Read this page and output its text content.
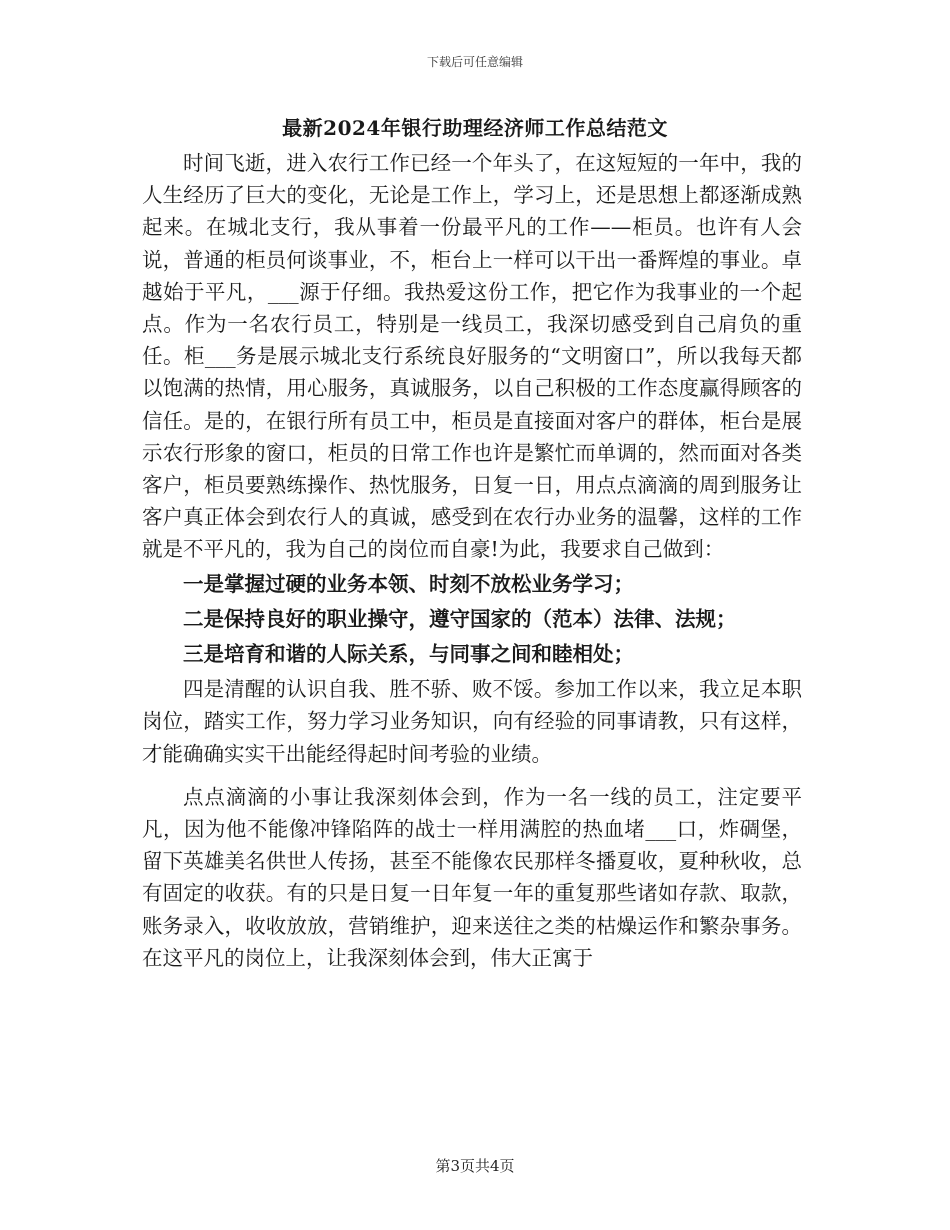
下载后可任意编辑
最新2024年银行助理经济师工作总结范文

时间飞逝，进入农行工作已经一个年头了，在这短短的一年中，我的人生经历了巨大的变化，无论是工作上，学习上，还是思想上都逐渐成熟起来。在城北支行，我从事着一份最平凡的工作——柜员。也许有人会说，普通的柜员何谈事业，不，柜台上一样可以干出一番辉煌的事业。卓越始于平凡，___源于仔细。我热爱这份工作，把它作为我事业的一个起点。作为一名农行员工，特别是一线员工，我深切感受到自己肩负的重任。柜___务是展示城北支行系统良好服务的“文明窗口”，所以我每天都以饱满的热情，用心服务，真诚服务，以自己积极的工作态度赢得顾客的信任。是的，在银行所有员工中，柜员是直接面对客户的群体，柜台是展示农行形象的窗口，柜员的日常工作也许是繁忙而单调的，然而面对各类客户，柜员要熟练操作、热忱服务，日复一日，用点点滴滴的周到服务让客户真正体会到农行人的真诚，感受到在农行办业务的温馨，这样的工作就是不平凡的，我为自己的岗位而自豪!为此，我要求自己做到：

一是掌握过硬的业务本领、时刻不放松业务学习；

二是保持良好的职业操守，遵守国家的（范本）法律、法规；

三是培育和谐的人际关系，与同事之间和睦相处；

四是清醒的认识自我、胜不骄、败不馁。参加工作以来，我立足本职岗位，踏实工作，努力学习业务知识，向有经验的同事请教，只有这样，才能确确实实干出能经得起时间考验的业绩。

点点滴滴的小事让我深刻体会到，作为一名一线的员工，注定要平凡，因为他不能像冲锋陷阵的战士一样用满腔的热血堵___口，炸碉堡，留下英雄美名供世人传扬，甚至不能像农民那样冬播夏收，夏种秋收，总有固定的收获。有的只是日复一日年复一年的重复那些诸如存款、取款，账务录入，收收放放，营销维护，迎来送往之类的枯燥运作和繁杂事务。在这平凡的岗位上，让我深刻体会到，伟大正寓于

第3页共4页
